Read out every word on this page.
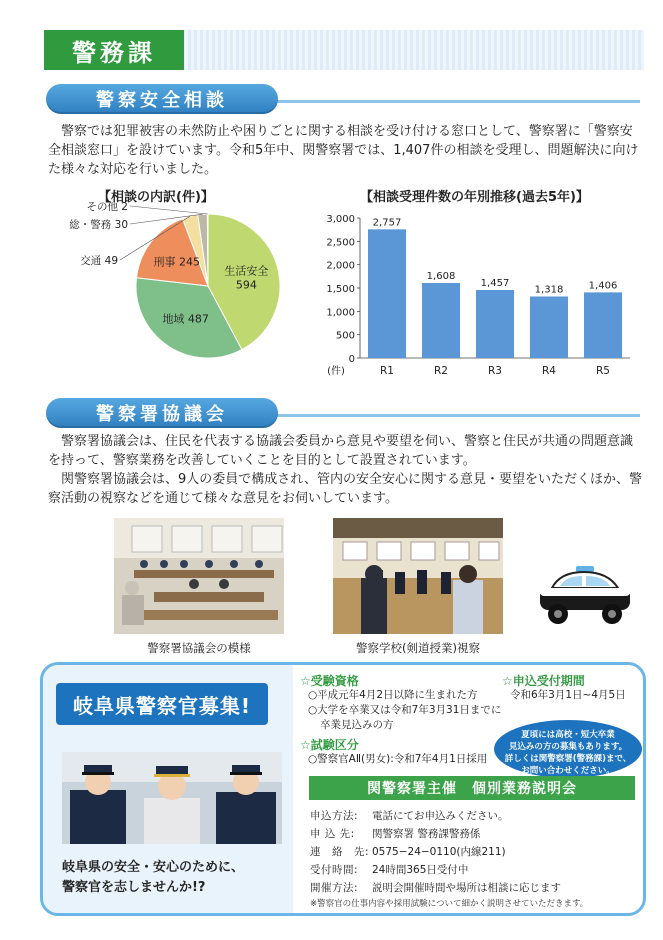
警務課
警察安全相談
警察では犯罪被害の未然防止や困りごとに関する相談を受け付ける窓口として、警察署に「警察安全相談窓口」を設けています。令和5年中、関警察署では、1,407件の相談を受理し、問題解決に向けた様々な対応を行いました。
【相談の内訳(件)】
生活安全
594
地域 487
刑事 245
交通 49
総・警務 30
その他 2
【相談受理件数の年別推移(過去5年)】
0
500
1,000
1,500
2,000
2,500
3,000
(件)
2,757
R1
1,608
R2
1,457
R3
1,318
R4
1,406
R5
警察署協議会
警察署協議会は、住民を代表する協議会委員から意見や要望を伺い、警察と住民が共通の問題意識を持って、警察業務を改善していくことを目的として設置されています。
関警察署協議会は、9人の委員で構成され、管内の安全安心に関する意見・要望をいただくほか、警察活動の視察などを通じて様々な意見をお伺いしています。
警察署協議会の模様	警察学校(剣道授業)視察
岐阜県警察官募集!
岐阜県の安全・安心のために、
警察官を志しませんか!?
☆受験資格
○平成元年4月2日以降に生まれた方
○大学を卒業又は令和7年3月31日までに
卒業見込みの方
☆試験区分
○警察官AⅡ(男女):令和7年4月1日採用
☆申込受付期間
令和6年3月1日~4月5日
夏頃には高校・短大卒業
見込みの方の募集もあります。
詳しくは関警察署(警務課)まで、
お問い合わせください。
関警察署主催　個別業務説明会
申込方法: 電話にてお申込みください。
申 込 先: 関警察署 警務課警務係
連　絡　先: 0575−24−0110(内線211)
受付時間: 24時間365日受付中
開催方法: 説明会開催時間や場所は相談に応じます
※警察官の仕事内容や採用試験について細かく説明させていただきます。
